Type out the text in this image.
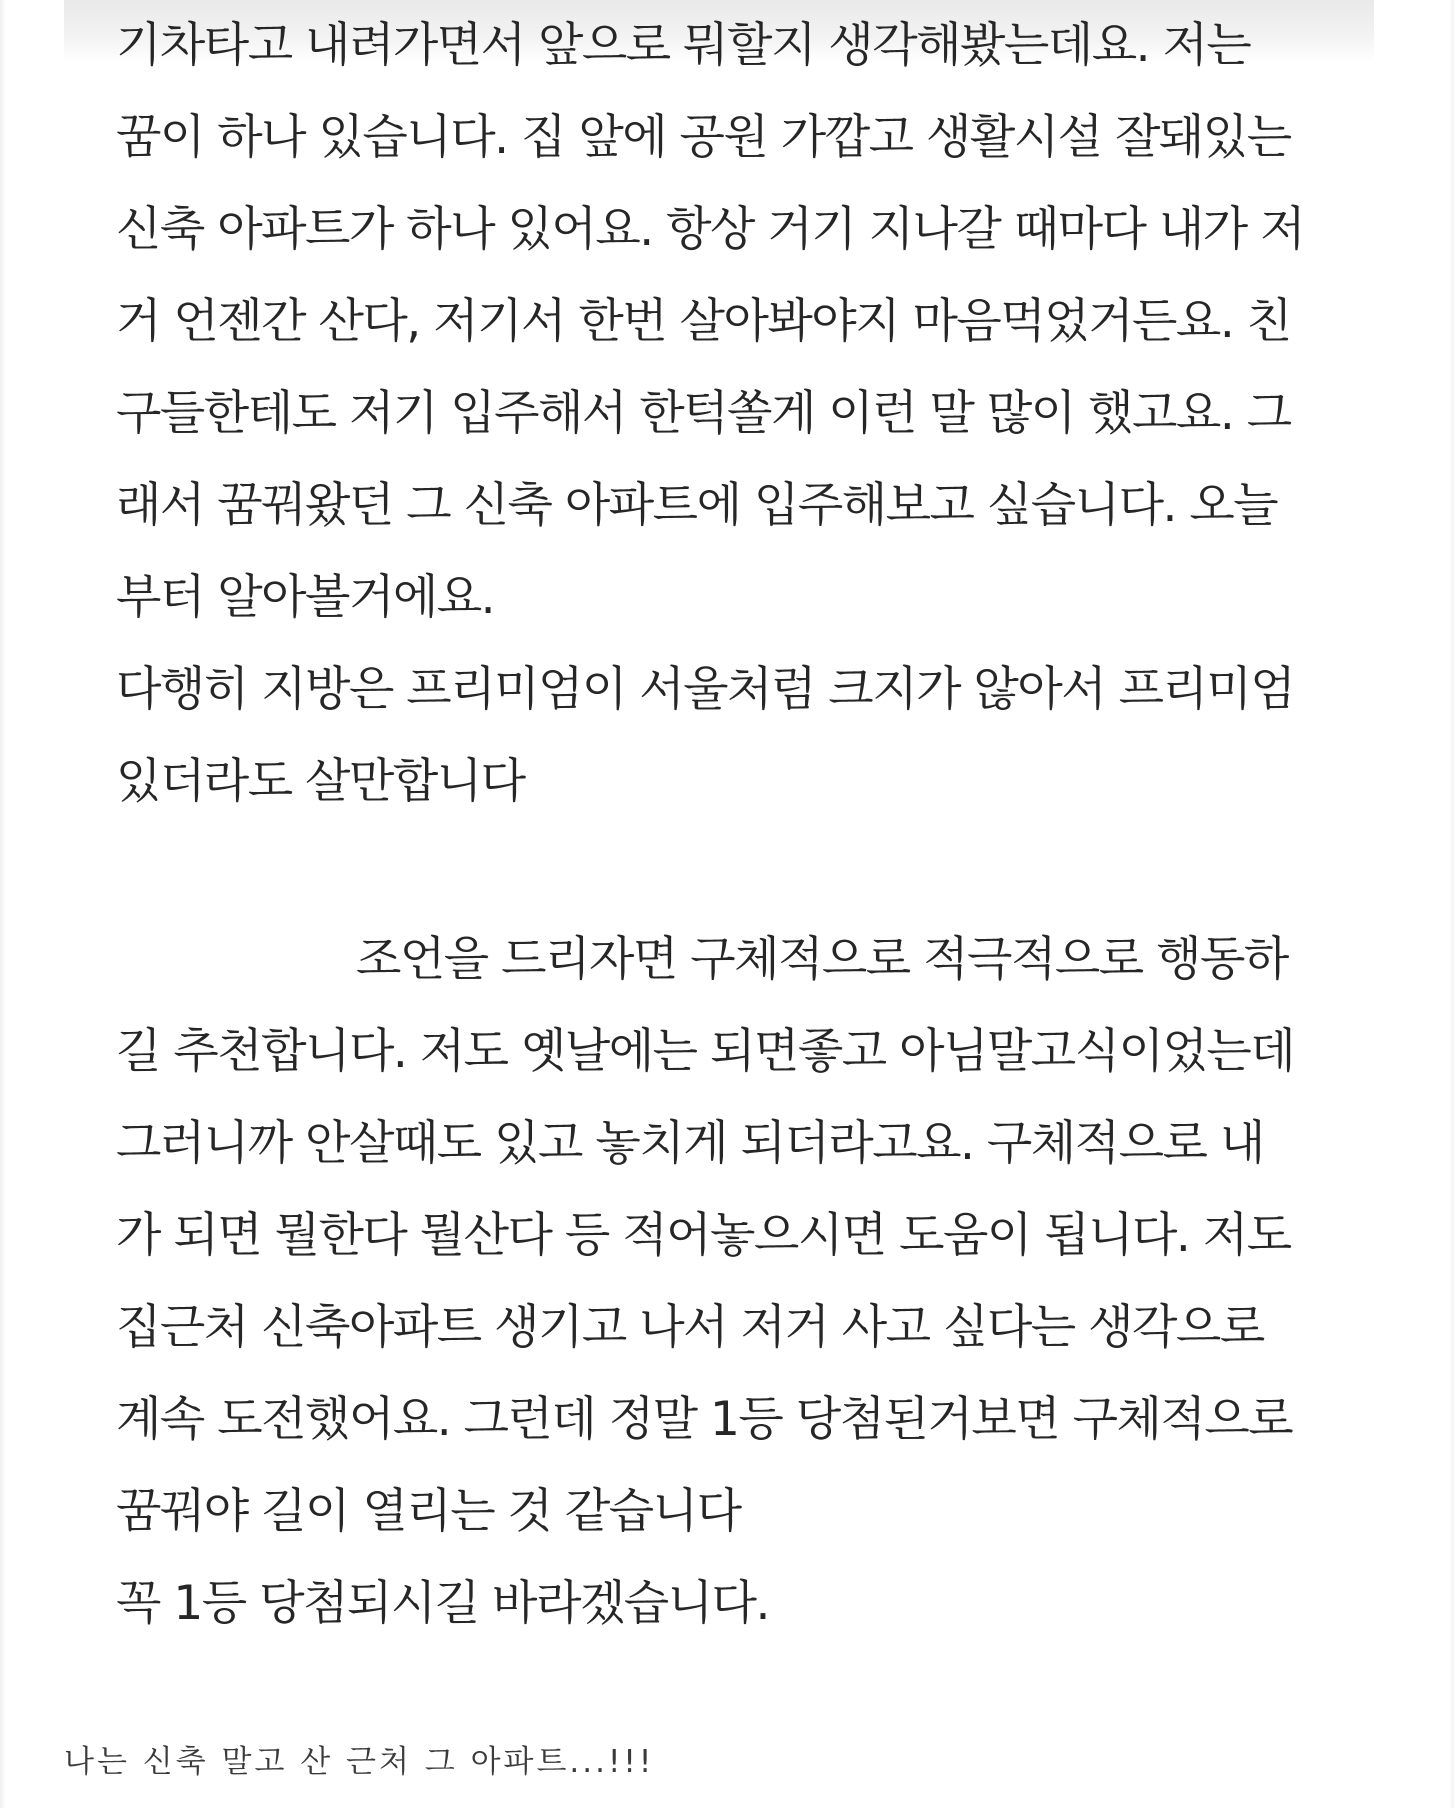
기차타고 내려가면서 앞으로 뭐할지 생각해봤는데요. 저는
꿈이 하나 있습니다. 집 앞에 공원 가깝고 생활시설 잘돼있는
신축 아파트가 하나 있어요. 항상 거기 지나갈 때마다 내가 저
거 언젠간 산다, 저기서 한번 살아봐야지 마음먹었거든요. 친
구들한테도 저기 입주해서 한턱쏠게 이런 말 많이 했고요. 그
래서 꿈꿔왔던 그 신축 아파트에 입주해보고 싶습니다. 오늘
부터 알아볼거에요.
다행히 지방은 프리미엄이 서울처럼 크지가 않아서 프리미엄
있더라도 살만합니다
조언을 드리자면 구체적으로 적극적으로 행동하
길 추천합니다. 저도 옛날에는 되면좋고 아님말고식이었는데
그러니까 안살때도 있고 놓치게 되더라고요. 구체적으로 내
가 되면 뭘한다 뭘산다 등 적어놓으시면 도움이 됩니다. 저도
집근처 신축아파트 생기고 나서 저거 사고 싶다는 생각으로
계속 도전했어요. 그런데 정말 1등 당첨된거보면 구체적으로
꿈꿔야 길이 열리는 것 같습니다
꼭 1등 당첨되시길 바라겠습니다.
나는 신축 말고 산 근처 그 아파트...!!!
